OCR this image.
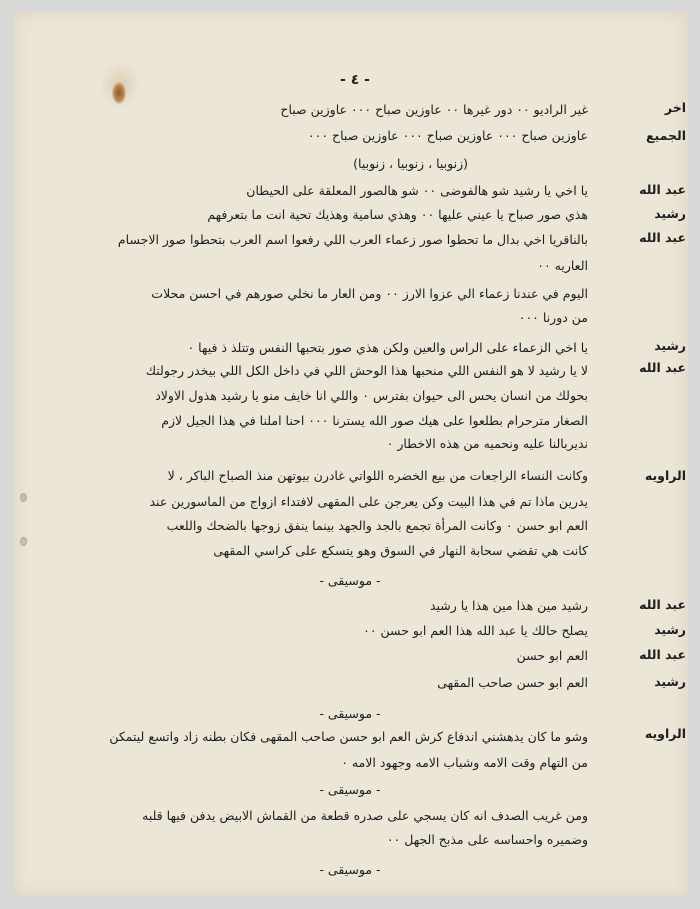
- ٤ -
اخر
الجميع
عبد الله
رشيد
عبد الله
رشيد
عبد الله
الراويه
عبد الله
رشيد
عبد الله
رشيد
الراويه
غير الراديو ٠٠ دور غيرها ٠٠ عاوزين صباح ٠٠٠ عاوزين صباح
عاوزين صباح ٠٠٠ عاوزين صباح ٠٠٠ عاوزين صباح ٠٠٠
(زنوبيا ، زنوبيا ، زنوبيا)
يا اخي يا رشيد شو هالفوضى ٠٠ شو هالصور المعلقة على الحيطان
هذي صور صباح يا عيني عليها ٠٠ وهذي سامية وهذيك تحية انت ما بتعرفهم
بالناقريا اخي بدال ما تحطوا صور زعماء العرب اللي رفعوا اسم العرب بتحطوا صور الاجسام
العاريه ٠٠
اليوم في عندنا زعماء الي عزوا الارز ٠٠ ومن العار ما نخلي صورهم في احسن محلات
من دورنا ٠٠٠
يا اخي الزعماء على الراس والعين ولكن هذي صور بتحبها النفس وتتلذ ذ فيها ٠
لا يا رشيد لا هو النفس اللي منحبها هذا الوحش اللي في داخل الكل اللي بيخدر رجولتك
بحولك من انسان يحس الى حيوان بفترس ٠ واللي انا خايف منو يا رشيد هذول الاولاد
الصغار مترحرام بطلعوا على هيك صور الله يسترنا ٠٠٠ احنا املنا في هذا الجيل لازم
نديربالنا عليه ونحميه من هذه الاخطار ٠
وكانت النساء الراجعات من بيع الخضره اللواتي غادرن بيوتهن منذ الصباح الباكر ، لا
يدرين ماذا تم في هذا البيت وكن يعرجن على المقهى لافتداء ازواج من الماسورين عند
العم ابو حسن ٠ وكانت المرأة تجمع بالجد والجهد بينما ينفق زوجها بالضحك واللعب
كانت هي تقضي سحابة النهار في السوق وهو يتسكع على كراسي المقهى
- موسيقى -
رشيد مين هذا مين هذا يا رشيد
يصلح حالك يا عبد الله هذا العم ابو حسن ٠٠
العم ابو حسن
العم ابو حسن صاحب المقهى
- موسيقى -
وشو ما كان يدهشني اندفاع كرش العم ابو حسن صاحب المقهى فكان بطنه زاد واتسع ليتمكن
من التهام وقت الامه وشباب الامه وجهود الامه ٠
- موسيقى -
ومن غريب الصدف انه كان يسجي على صدره قطعة من القماش الابيض يدفن فيها قلبه
وضميره واحساسه على مذبح الجهل ٠٠
- موسيقى -
